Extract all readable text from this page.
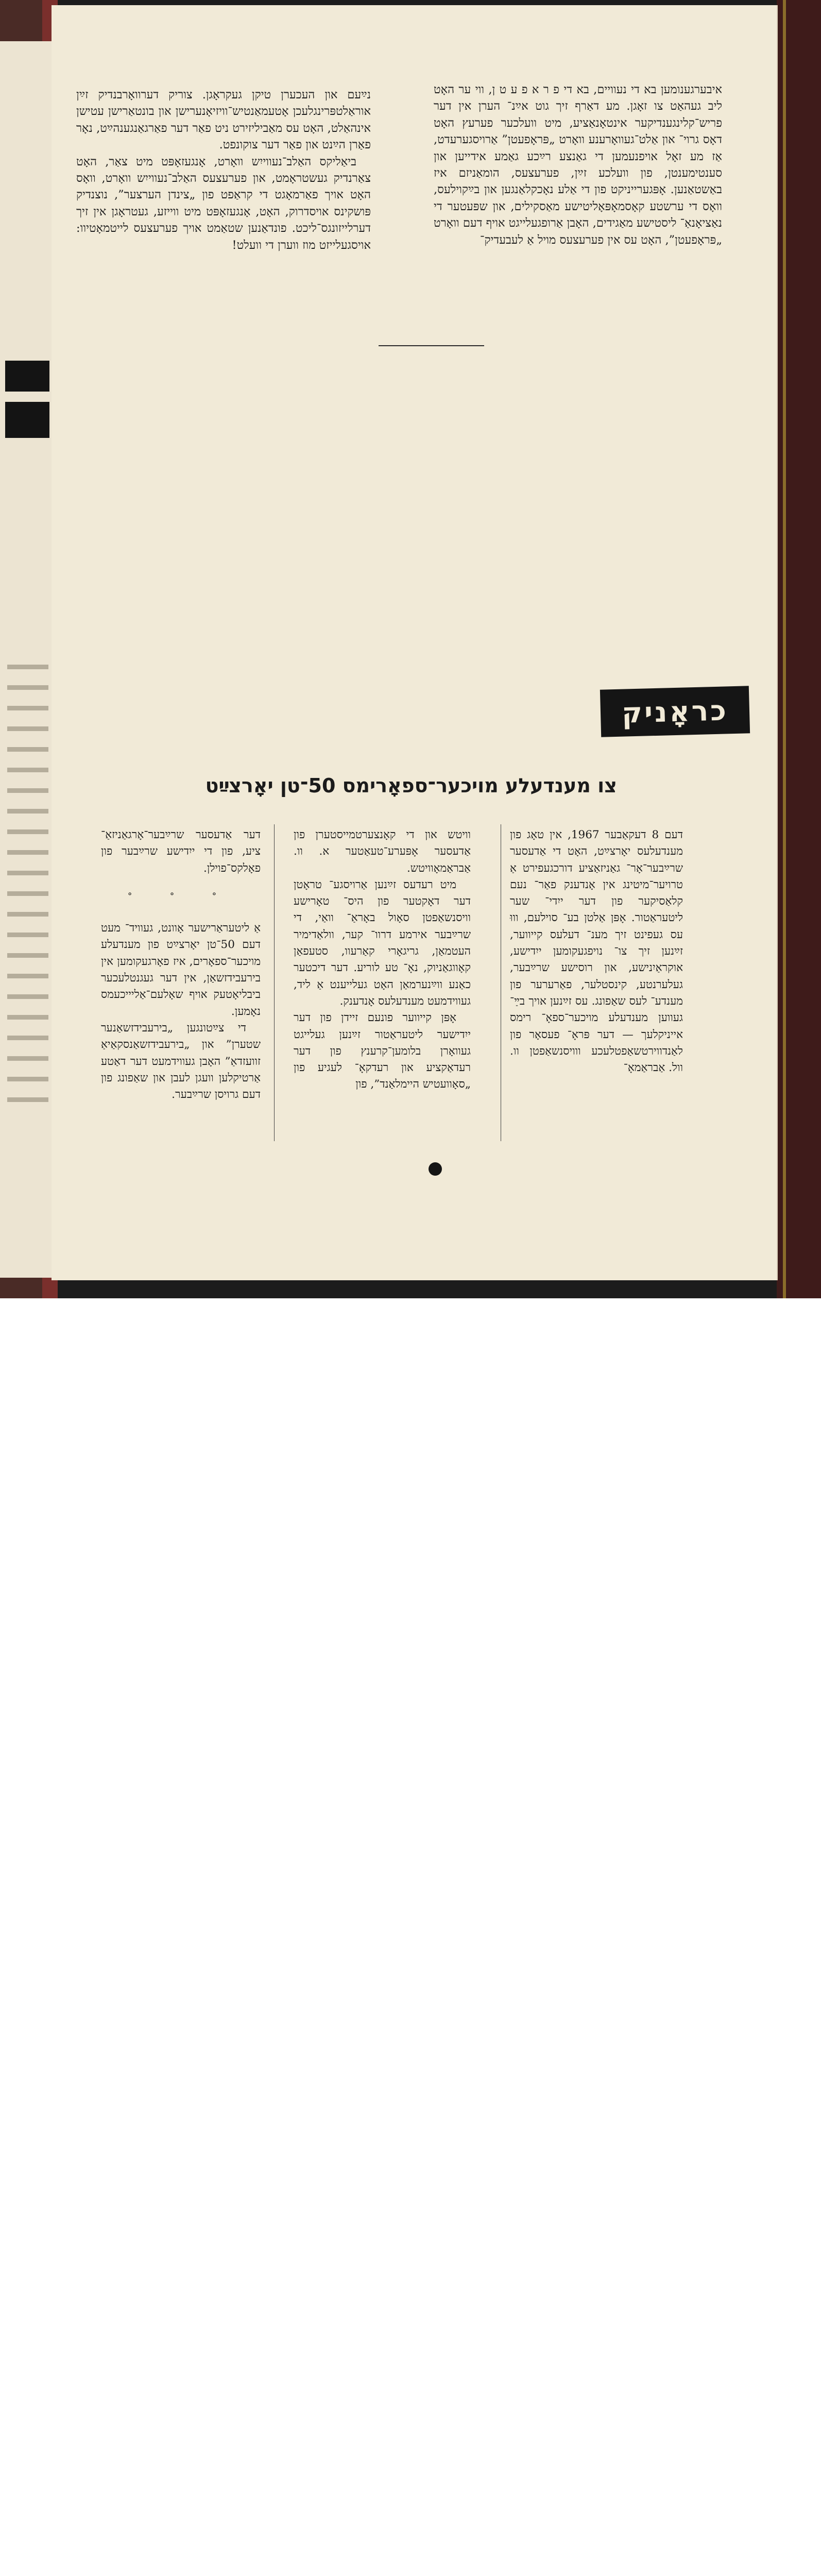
איבערגענומען בא די נעוויים, בא די פ ר א פ ע ט ן, ווי ער האָט ליב געהאַט צו זאָגן. מע דאַרף זיך גוט אײַנ־ הערן אין דער פריש־קלינגענדיקער אינטאָנאַציע, מיט וועלכער פערעץ האָט דאָס גרוי־ און אַלט־געוואָרענע וואָרט „פּראָפעטן” אַרויסגערעדט, אַז מע זאָל אויפנעמען די גאַנצע רײַכע גאַמע אידייען און סענטימענטן, פון וועלכע זײַן, פערעצעס, הומאַניזם איז באַשטאַנען. אָפּגערייניקט פון די אַלע נאָכקלאַנגען און בײַקוילעס, וואָס די ערשטע קאָסמאָפּאָליטישע מאַסקילים, און שפּעטער די נאַציאָנאַ־ ליסטישע מאַגידים, האָבן אַרופגעלייגט אויף דעם וואָרט „פּראָפעטן”, האָט עס אין פערעצעס מויל אַ לעבעדיק־

נײַעם און העכערן טיקן געקראָגן. צוריק דערוואָרבנדיק זײַן אוראַלטפּרינגלעכן אָטעמאַנטיש־וויזיאָנערישן און בונטאַרישן עטישן אינהאַלט, האָט עס מאַביליזירט ניט פאַר דער פאַרגאַנגענהײַט, נאָר פאַרן הײַנט און פאַר דער צוקונפט.

ביאַליקס האַלב־נעווייִש וואָרט, אָנגעזאָפּט מיט צאַר, האָט צאַרנדיק געשטראָמט, און פערעצעס האַלב־נעווייִש וואָרט, וואָס האָט אויך פאַרמאָגט די קראַפט פון „צינדן הערצער”, נוצנדיק פּושקינס אויסדרוק, האָט, אָנגעזאָפּט מיט ווייזע, געטראָגן אין זיך דערלייזונגס־ליכט. פונדאַנען שטאַמט אויך פערעצעס לייטמאָטיוו: אויסגעלייזט מוז ווערן די וועלט!

כראָניק
צו מענדעלע מויכער־ספאָרימס 50־טן יאָרצײַט

דעם 8 דעקאַבער 1967, אין טאָג פון מענדעלעס יאָרצײַט, האָט די אַדעסער שרײַבער־אָר־ גאַניזאַציע דורכגעפירט אַ טרויער־מיטינג אין אָנדענק פאַר־ נעם קלאַסיקער פון דער ייִדי־ שער ליטעראַטור. אָפּן אַלטן בע־ סוילעם, וווּ עס געפינט זיך מענ־ דעלעס קייווער, זײַנען זיך צו־ נויפגעקומען ייִדישע, אוקראַיִנישע, און רוסישע שרײַבער, געלערנטע, קינסטלער, פאַרערער פון מענדע־ לעס שאַפונג. עס זײַנען אויך בײַ־ געווען מענדעלע מויכער־ספאָ־ רימס אייניקלעך — דער פּראָ־ פעסאָר פון לאַנדווירטשאַפטלעכע ווויסנשאַפטן וו. וול. אַבראַמאָ־

וויטש און די קאָנצערטמייסטערן פון אַדעסער אָפּערע־טעאַטער א. וו. אַבראַמאָוויטש.

מיט רעדעס זײַנען אַרויסגע־ טראָטן דער דאָקטער פון היס־ טאָרישע וויסנשאַפטן סאָול באָראַ־ וואַי, די שרײַבער אירמע דרוו־ קער, וולאַדימיר העטמאַן, גריגאָרי קאַרעוו, סטעפאַן קאָווגאַניוק, נאָ־ טע לוריע. דער דיכטער כאַנע ווײַנערמאַן האָט געלייענט אַ ליד, געווידמעט מענדעלעס אָנדענק.

אָפּן קייווער פונעם זיידן פון דער ייִדישער ליטעראַטור זײַנען געלייגט געוואָרן בלומען־קרענץ פון דער רעדאַקציע און רעדקאָ־ לעגיע פון „סאָוועטיש היימלאַנד”, פון

דער אַדעסער שרײַבער־אָרגאַניזאַ־ ציע, פון די ייִדישע שרײַבער פון פאָלקס־פוילן.

° ° °

אַ ליטעראַרישער אָוונט, געוויד־ מעט דעם 50־טן יאָרצײַט פון מענדעלע מויכער־ספאָרים, איז פאָרגעקומען אין בירעבידזשאַן, אין דער געגנטלעכער ביבליאָטעק אויף שאָלעם־אַליייכעמס נאָמען.

די צײַטונגען „בירעבידזשאַנער שטערן” און „בירעבידזשאַנסקאַיאַ זוועזדאַ” האָבן געווידמעט דער דאַטע אַרטיקלען וועגן לעבן און שאַפונג פון דעם גרויסן שרײַבער.
